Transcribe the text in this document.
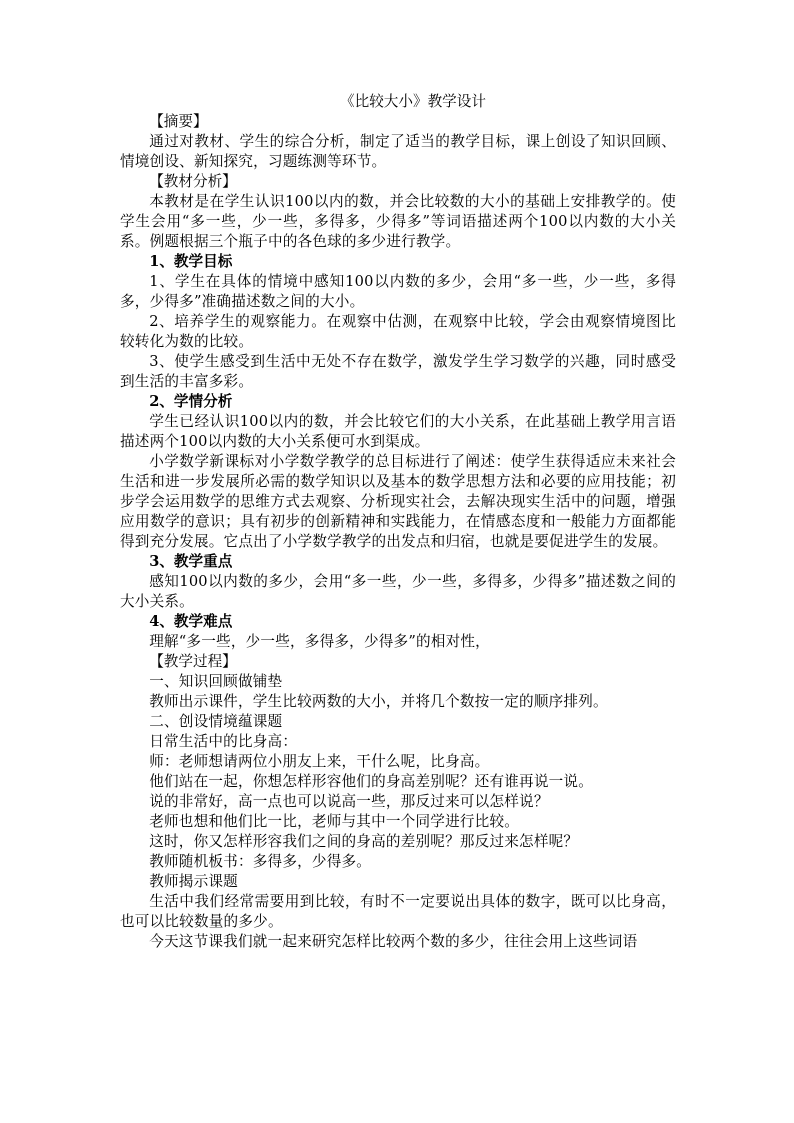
《比较大小》教学设计

【摘要】

通过对教材、学生的综合分析，制定了适当的教学目标，课上创设了知识回顾、情境创设、新知探究，习题练测等环节。

【教材分析】

本教材是在学生认识100以内的数，并会比较数的大小的基础上安排教学的。使学生会用“多一些，少一些，多得多，少得多”等词语描述两个100以内数的大小关系。例题根据三个瓶子中的各色球的多少进行教学。

1、教学目标

1、学生在具体的情境中感知100以内数的多少，会用“多一些，少一些，多得多，少得多”准确描述数之间的大小。

2、培养学生的观察能力。在观察中估测，在观察中比较，学会由观察情境图比较转化为数的比较。

3、使学生感受到生活中无处不存在数学，激发学生学习数学的兴趣，同时感受到生活的丰富多彩。

2、学情分析

学生已经认识100以内的数，并会比较它们的大小关系，在此基础上教学用言语描述两个100以内数的大小关系便可水到渠成。

小学数学新课标对小学数学教学的总目标进行了阐述：使学生获得适应未来社会生活和进一步发展所必需的数学知识以及基本的数学思想方法和必要的应用技能；初步学会运用数学的思维方式去观察、分析现实社会，去解决现实生活中的问题，增强应用数学的意识；具有初步的创新精神和实践能力，在情感态度和一般能力方面都能得到充分发展。它点出了小学数学教学的出发点和归宿，也就是要促进学生的发展。

3、教学重点

感知100以内数的多少，会用“多一些，少一些，多得多，少得多”描述数之间的大小关系。

4、教学难点

理解“多一些，少一些，多得多，少得多”的相对性，

【教学过程】

一、知识回顾做铺垫

教师出示课件，学生比较两数的大小，并将几个数按一定的顺序排列。

二、创设情境蕴课题

日常生活中的比身高：

师：老师想请两位小朋友上来，干什么呢，比身高。

他们站在一起，你想怎样形容他们的身高差别呢？还有谁再说一说。

说的非常好，高一点也可以说高一些，那反过来可以怎样说？

老师也想和他们比一比，老师与其中一个同学进行比较。

这时，你又怎样形容我们之间的身高的差别呢？那反过来怎样呢？

教师随机板书：多得多，少得多。

教师揭示课题

生活中我们经常需要用到比较，有时不一定要说出具体的数字，既可以比身高，也可以比较数量的多少。

今天这节课我们就一起来研究怎样比较两个数的多少，往往会用上这些词语
